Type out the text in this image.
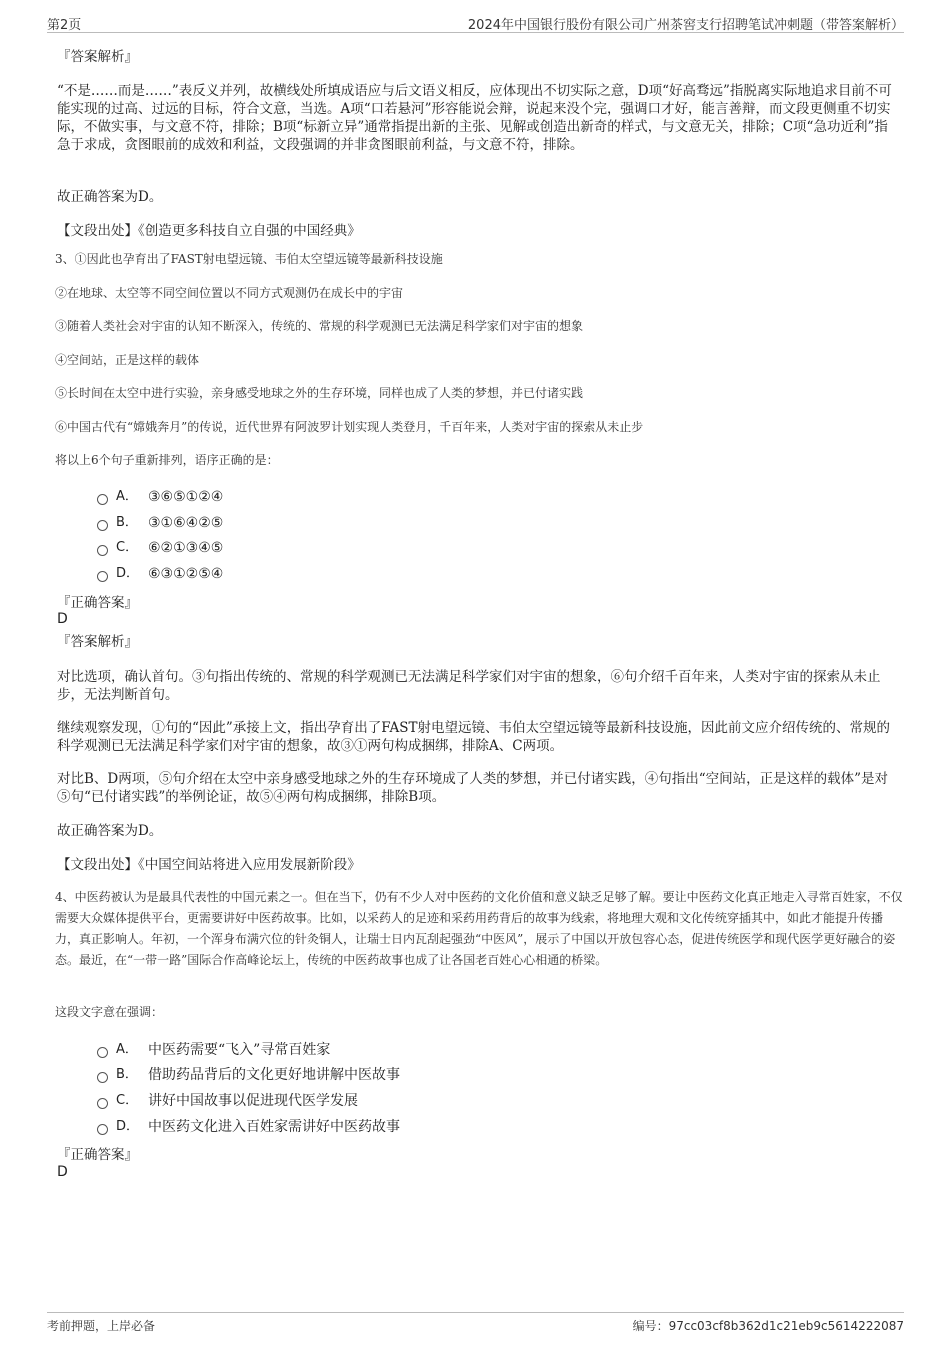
第2页	2024年中国银行股份有限公司广州茶窖支行招聘笔试冲刺题（带答案解析）
『答案解析』
“不是……而是……”表反义并列，故横线处所填成语应与后文语义相反，应体现出不切实际之意，D项“好高骛远”指脱离实际地追求目前不可能实现的过高、过远的目标，符合文意，当选。A项“口若悬河”形容能说会辩，说起来没个完，强调口才好，能言善辩，而文段更侧重不切实际，不做实事，与文意不符，排除；B项“标新立异”通常指提出新的主张、见解或创造出新奇的样式，与文意无关，排除；C项“急功近利”指急于求成，贪图眼前的成效和利益，文段强调的并非贪图眼前利益，与文意不符，排除。
故正确答案为D。
【文段出处】《创造更多科技自立自强的中国经典》
3、①因此也孕育出了FAST射电望远镜、韦伯太空望远镜等最新科技设施
②在地球、太空等不同空间位置以不同方式观测仍在成长中的宇宙
③随着人类社会对宇宙的认知不断深入，传统的、常规的科学观测已无法满足科学家们对宇宙的想象
④空间站，正是这样的载体
⑤长时间在太空中进行实验，亲身感受地球之外的生存环境，同样也成了人类的梦想，并已付诸实践
⑥中国古代有“嫦娥奔月”的传说，近代世界有阿波罗计划实现人类登月，千百年来，人类对宇宙的探索从未止步
将以上6个句子重新排列，语序正确的是：
A． ③⑥⑤①②④
B． ③①⑥④②⑤
C． ⑥②①③④⑤
D． ⑥③①②⑤④
『正确答案』
D
『答案解析』
对比选项，确认首句。③句指出传统的、常规的科学观测已无法满足科学家们对宇宙的想象，⑥句介绍千百年来，人类对宇宙的探索从未止步，无法判断首句。
继续观察发现，①句的“因此”承接上文，指出孕育出了FAST射电望远镜、韦伯太空望远镜等最新科技设施，因此前文应介绍传统的、常规的科学观测已无法满足科学家们对宇宙的想象，故③①两句构成捆绑，排除A、C两项。
对比B、D两项，⑤句介绍在太空中亲身感受地球之外的生存环境成了人类的梦想，并已付诸实践，④句指出“空间站，正是这样的载体”是对⑤句“已付诸实践”的举例论证，故⑤④两句构成捆绑，排除B项。
故正确答案为D。
【文段出处】《中国空间站将进入应用发展新阶段》
4、中医药被认为是最具代表性的中国元素之一。但在当下，仍有不少人对中医药的文化价值和意义缺乏足够了解。要让中医药文化真正地走入寻常百姓家，不仅需要大众媒体提供平台，更需要讲好中医药故事。比如，以采药人的足迹和采药用药背后的故事为线索，将地理大观和文化传统穿插其中，如此才能提升传播力，真正影响人。年初，一个浑身布满穴位的针灸铜人，让瑞士日内瓦刮起强劲“中医风”，展示了中国以开放包容心态，促进传统医学和现代医学更好融合的姿态。最近，在“一带一路”国际合作高峰论坛上，传统的中医药故事也成了让各国老百姓心心相通的桥梁。
这段文字意在强调：
A． 中医药需要“飞入”寻常百姓家
B． 借助药品背后的文化更好地讲解中医故事
C． 讲好中国故事以促进现代医学发展
D． 中医药文化进入百姓家需讲好中医药故事
『正确答案』
D
考前押题，上岸必备	编号：97cc03cf8b362d1c21eb9c5614222087
